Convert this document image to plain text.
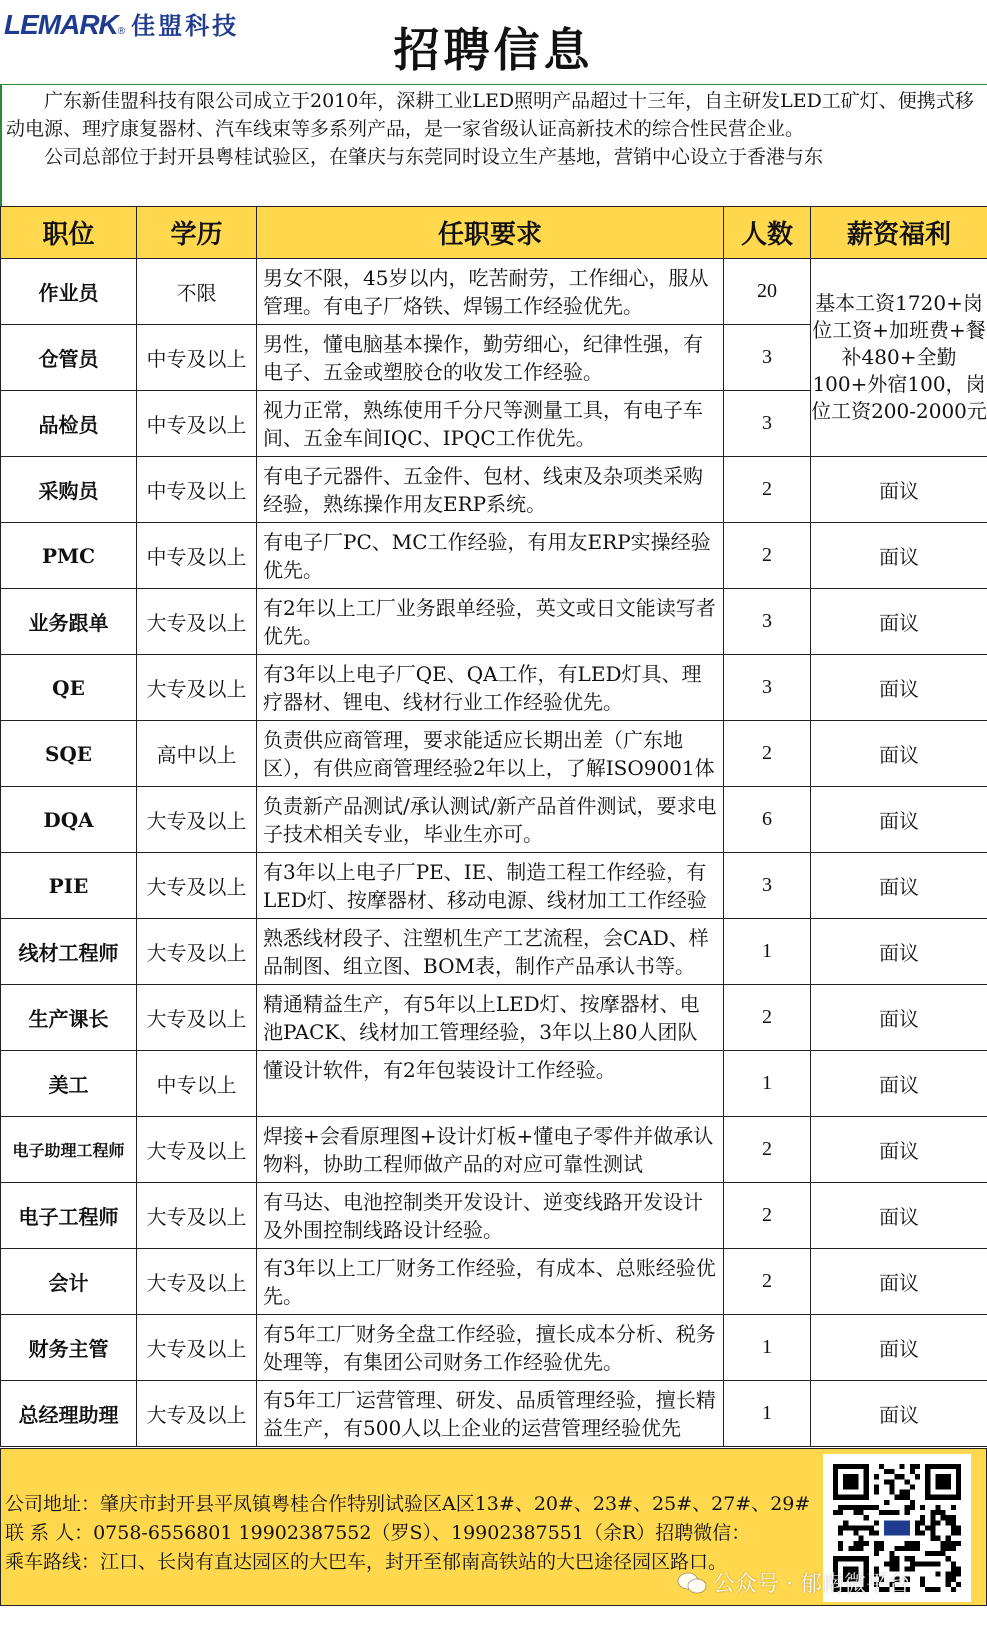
LEMARK ® 佳盟科技	招聘信息

广东新佳盟科技有限公司成立于2010年，深耕工业LED照明产品超过十三年，自主研发LED工矿灯、便携式移动电源、理疗康复器材、汽车线束等多系列产品，是一家省级认证高新技术的综合性民营企业。

公司总部位于封开县粤桂试验区，在肇庆与东莞同时设立生产基地，营销中心设立于香港与东

职位	学历	任职要求	人数	薪资福利
作业员	不限	男女不限，45岁以内，吃苦耐劳，工作细心，服从管理。有电子厂烙铁、焊锡工作经验优先。	20	基本工资1720+岗位工资+加班费+餐补480+全勤100+外宿100，岗位工资200-2000元
仓管员	中专及以上	男性，懂电脑基本操作，勤劳细心，纪律性强，有电子、五金或塑胶仓的收发工作经验。	3	
品检员	中专及以上	视力正常，熟练使用千分尺等测量工具，有电子车间、五金车间IQC、IPQC工作优先。	3	
采购员	中专及以上	有电子元器件、五金件、包材、线束及杂项类采购经验，熟练操作用友ERP系统。	2	面议
PMC	中专及以上	有电子厂PC、MC工作经验，有用友ERP实操经验优先。	2	面议
业务跟单	大专及以上	有2年以上工厂业务跟单经验，英文或日文能读写者优先。	3	面议
QE	大专及以上	有3年以上电子厂QE、QA工作，有LED灯具、理疗器材、锂电、线材行业工作经验优先。	3	面议
SQE	高中以上	负责供应商管理，要求能适应长期出差（广东地区），有供应商管理经验2年以上，了解ISO9001体	2	面议
DQA	大专及以上	负责新产品测试/承认测试/新产品首件测试，要求电子技术相关专业，毕业生亦可。	6	面议
PIE	大专及以上	有3年以上电子厂PE、IE、制造工程工作经验，有LED灯、按摩器材、移动电源、线材加工工作经验	3	面议
线材工程师	大专及以上	熟悉线材段子、注塑机生产工艺流程，会CAD、样品制图、组立图、BOM表，制作产品承认书等。	1	面议
生产课长	大专及以上	精通精益生产，有5年以上LED灯、按摩器材、电池PACK、线材加工管理经验，3年以上80人团队	2	面议
美工	中专以上	懂设计软件，有2年包装设计工作经验。	1	面议
电子助理工程师	大专及以上	焊接+会看原理图+设计灯板+懂电子零件并做承认物料，协助工程师做产品的对应可靠性测试	2	面议
电子工程师	大专及以上	有马达、电池控制类开发设计、逆变线路开发设计及外围控制线路设计经验。	2	面议
会计	大专及以上	有3年以上工厂财务工作经验，有成本、总账经验优先。	2	面议
财务主管	大专及以上	有5年工厂财务全盘工作经验，擅长成本分析、税务处理等，有集团公司财务工作经验优先。	1	面议
总经理助理	大专及以上	有5年工厂运营管理、研发、品质管理经验，擅长精益生产，有500人以上企业的运营管理经验优先	1	面议
公司地址：肇庆市封开县平凤镇粤桂合作特别试验区A区13#、20#、23#、25#、27#、29#
联 系 人：0758-6556801 19902387552（罗S）、19902387551（余R）招聘微信：
乘车路线：江口、长岗有直达园区的大巴车，封开至郁南高铁站的大巴途径园区路口。
公众号 · 郁南微平台
